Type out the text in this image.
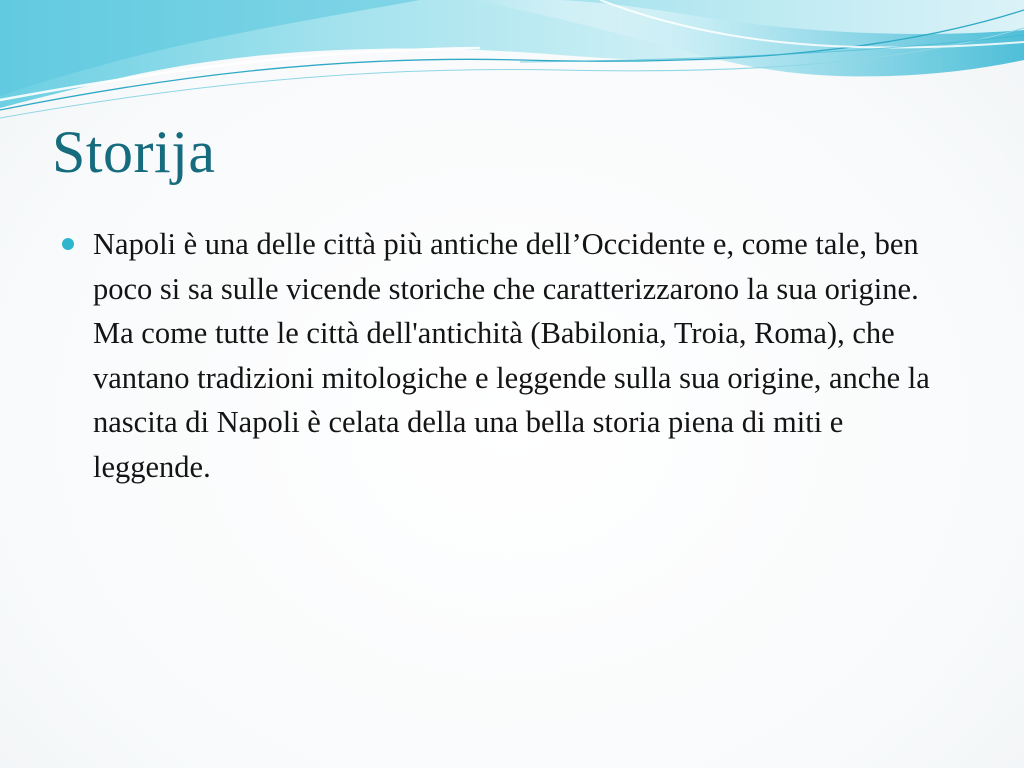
Storija
Napoli è una delle città più antiche dell’Occidente e, come tale, ben poco si sa sulle vicende storiche che caratterizzarono la sua origine. Ma come tutte le città dell'antichità (Babilonia, Troia, Roma), che vantano tradizioni mitologiche e leggende sulla sua origine, anche la nascita di Napoli è celata della una bella storia piena di miti e leggende.
